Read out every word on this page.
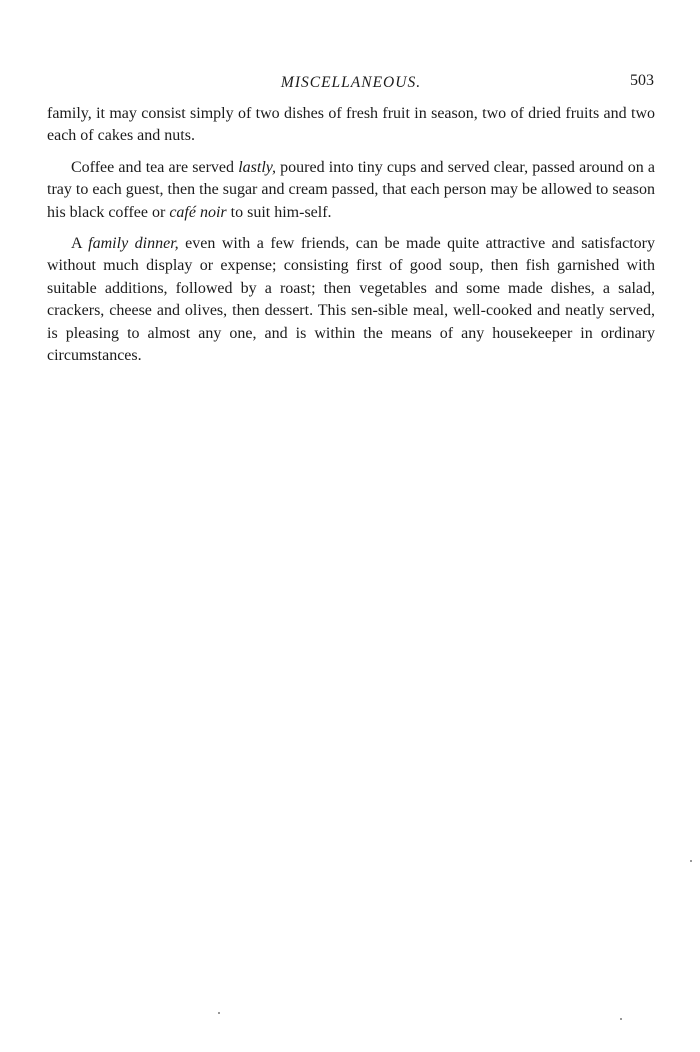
MISCELLANEOUS.	503

family, it may consist simply of two dishes of fresh fruit in season, two of dried fruits and two each of cakes and nuts.

Coffee and tea are served lastly, poured into tiny cups and served clear, passed around on a tray to each guest, then the sugar and cream passed, that each person may be allowed to season his black coffee or café noir to suit him-self.

A family dinner, even with a few friends, can be made quite attractive and satisfactory without much display or expense; consisting first of good soup, then fish garnished with suitable additions, followed by a roast; then vegetables and some made dishes, a salad, crackers, cheese and olives, then dessert. This sen-sible meal, well-cooked and neatly served, is pleasing to almost any one, and is within the means of any housekeeper in ordinary circumstances.
